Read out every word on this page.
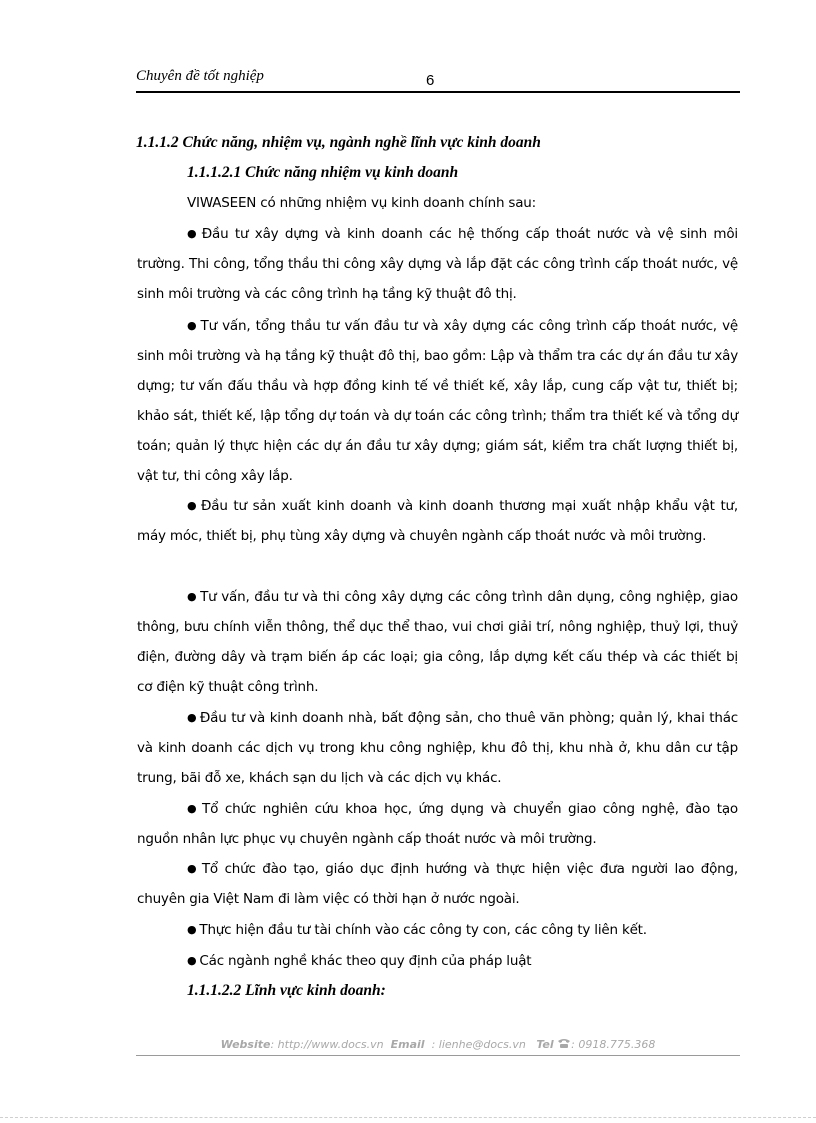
Chuyên đề tốt nghiệp	6
1.1.1.2 Chức năng, nhiệm vụ, ngành nghề lĩnh vực kinh doanh
1.1.1.2.1 Chức năng nhiệm vụ kinh doanh
VIWASEEN có những nhiệm vụ kinh doanh chính sau:
● Đầu tư xây dựng và kinh doanh các hệ thống cấp thoát nước và vệ sinh môi trường. Thi công, tổng thầu thi công xây dựng và lắp đặt các công trình cấp thoát nước, vệ sinh môi trường và các công trình hạ tầng kỹ thuật đô thị.
● Tư vấn, tổng thầu tư vấn đầu tư và xây dựng các công trình cấp thoát nước, vệ sinh môi trường và hạ tầng kỹ thuật đô thị, bao gồm: Lập và thẩm tra các dự án đầu tư xây dựng; tư vấn đấu thầu và hợp đồng kinh tế về thiết kế, xây lắp, cung cấp vật tư, thiết bị; khảo sát, thiết kế, lập tổng dự toán và dự toán các công trình; thẩm tra thiết kế và tổng dự toán; quản lý thực hiện các dự án đầu tư xây dựng; giám sát, kiểm tra chất lượng thiết bị, vật tư, thi công xây lắp.
● Đầu tư sản xuất kinh doanh và kinh doanh thương mại xuất nhập khẩu vật tư, máy móc, thiết bị, phụ tùng xây dựng và chuyên ngành cấp thoát nước và môi trường.
● Tư vấn, đầu tư và thi công xây dựng các công trình dân dụng, công nghiệp, giao thông, bưu chính viễn thông, thể dục thể thao, vui chơi giải trí, nông nghiệp, thuỷ lợi, thuỷ điện, đường dây và trạm biến áp các loại; gia công, lắp dựng kết cấu thép và các thiết bị cơ điện kỹ thuật công trình.
● Đầu tư và kinh doanh nhà, bất động sản, cho thuê văn phòng; quản lý, khai thác và kinh doanh các dịch vụ trong khu công nghiệp, khu đô thị, khu nhà ở, khu dân cư tập trung, bãi đỗ xe, khách sạn du lịch và các dịch vụ khác.
● Tổ chức nghiên cứu khoa học, ứng dụng và chuyển giao công nghệ, đào tạo nguồn nhân lực phục vụ chuyên ngành cấp thoát nước và môi trường.
● Tổ chức đào tạo, giáo dục định hướng và thực hiện việc đưa người lao động, chuyên gia Việt Nam đi làm việc có thời hạn ở nước ngoài.
● Thực hiện đầu tư tài chính vào các công ty con, các công ty liên kết.
● Các ngành nghề khác theo quy định của pháp luật
1.1.1.2.2 Lĩnh vực kinh doanh:
Website: http://www.docs.vn Email : lienhe@docs.vn Tel : 0918.775.368
